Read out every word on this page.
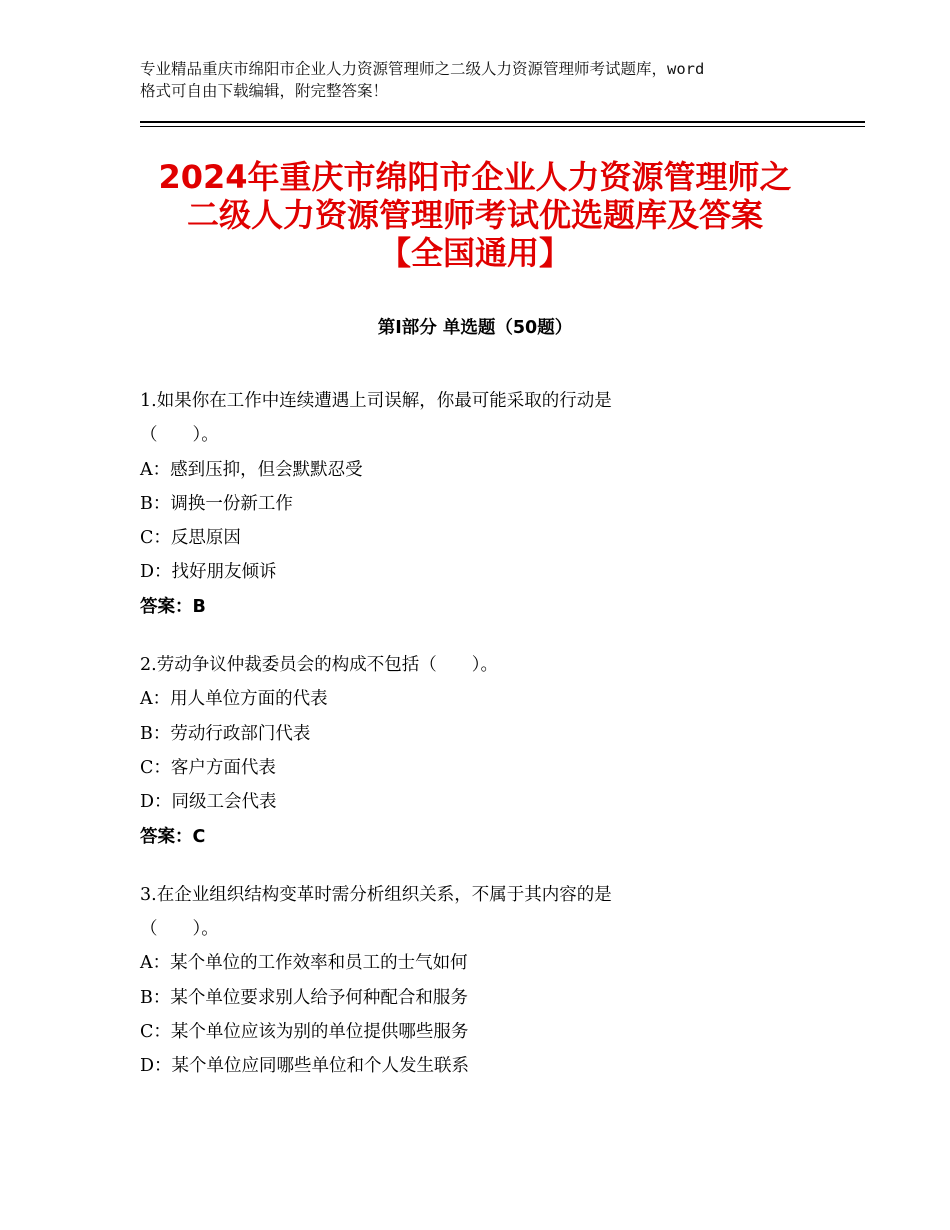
专业精品重庆市绵阳市企业人力资源管理师之二级人力资源管理师考试题库，word
格式可自由下载编辑，附完整答案！
2024年重庆市绵阳市企业人力资源管理师之
二级人力资源管理师考试优选题库及答案
【全国通用】
第Ⅰ部分 单选题（50题）
1.如果你在工作中连续遭遇上司误解，你最可能采取的行动是
（　　）。
A：感到压抑，但会默默忍受
B：调换一份新工作
C：反思原因
D：找好朋友倾诉
答案：B
2.劳动争议仲裁委员会的构成不包括（　　）。
A：用人单位方面的代表
B：劳动行政部门代表
C：客户方面代表
D：同级工会代表
答案：C
3.在企业组织结构变革时需分析组织关系，不属于其内容的是
（　　）。
A：某个单位的工作效率和员工的士气如何
B：某个单位要求别人给予何种配合和服务
C：某个单位应该为别的单位提供哪些服务
D：某个单位应同哪些单位和个人发生联系
